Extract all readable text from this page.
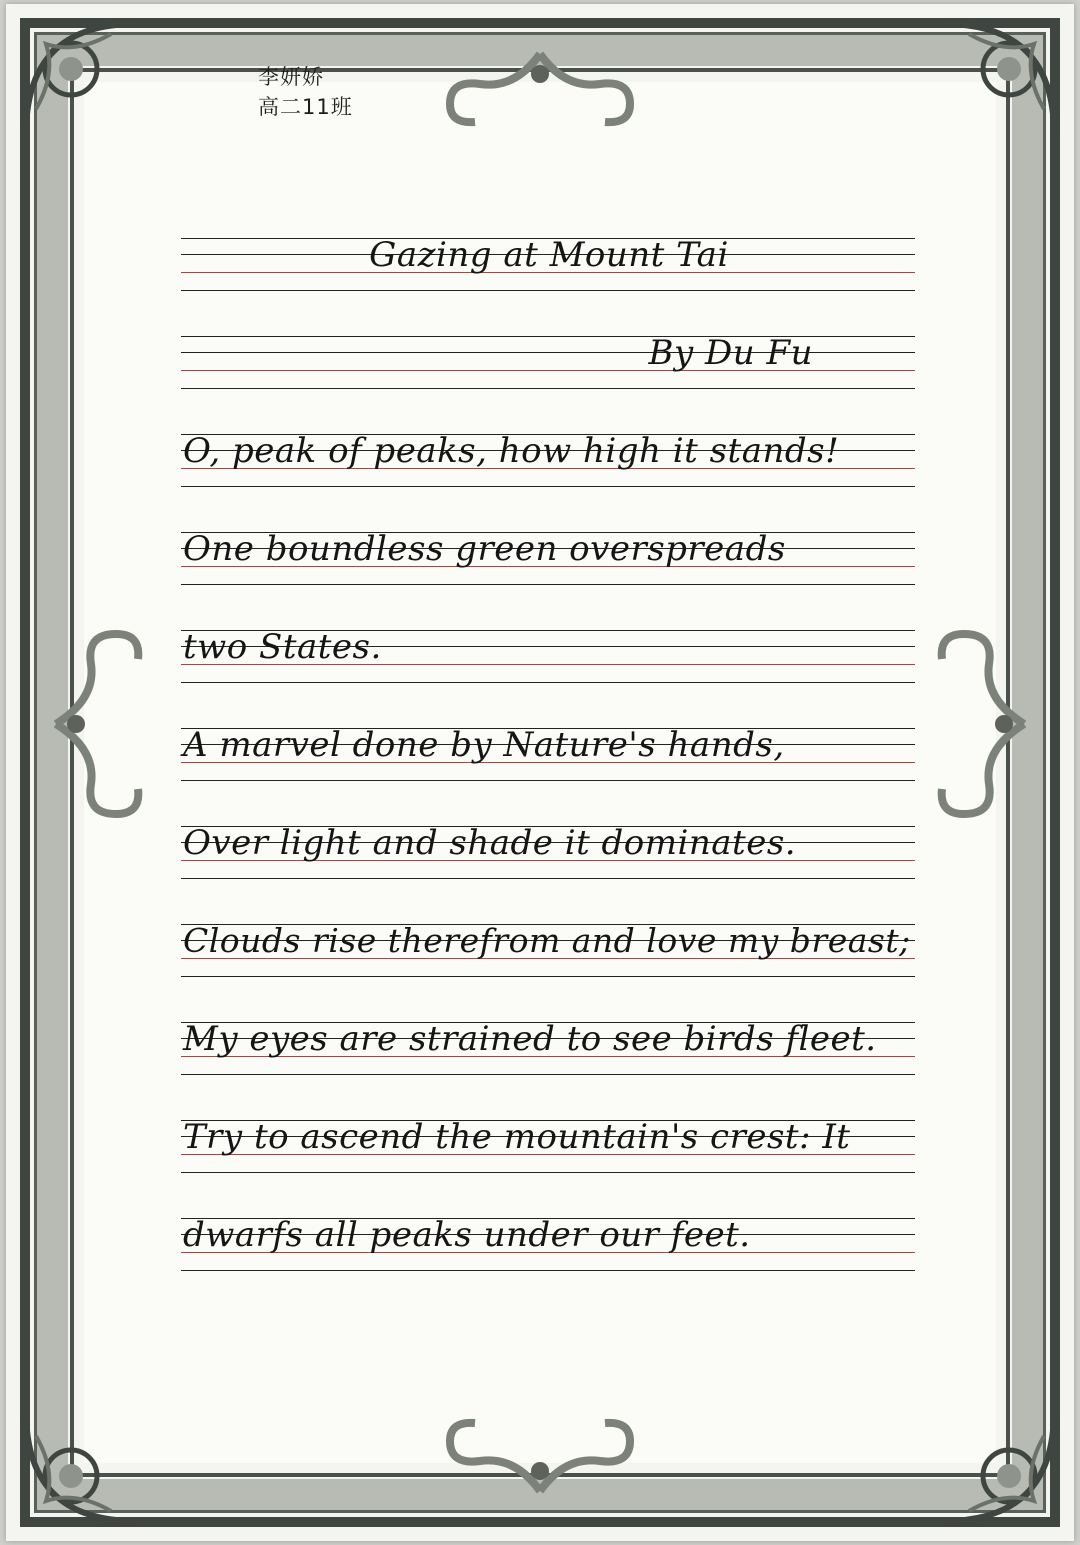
李妍娇
高二11班
Gazing at Mount Tai
By Du Fu
O, peak of peaks, how high it stands!
One boundless green overspreads
two States.
A marvel done by Nature's hands,
Over light and shade it dominates.
Clouds rise therefrom and love my breast;
My eyes are strained to see birds fleet.
Try to ascend the mountain's crest: It
dwarfs all peaks under our feet.
